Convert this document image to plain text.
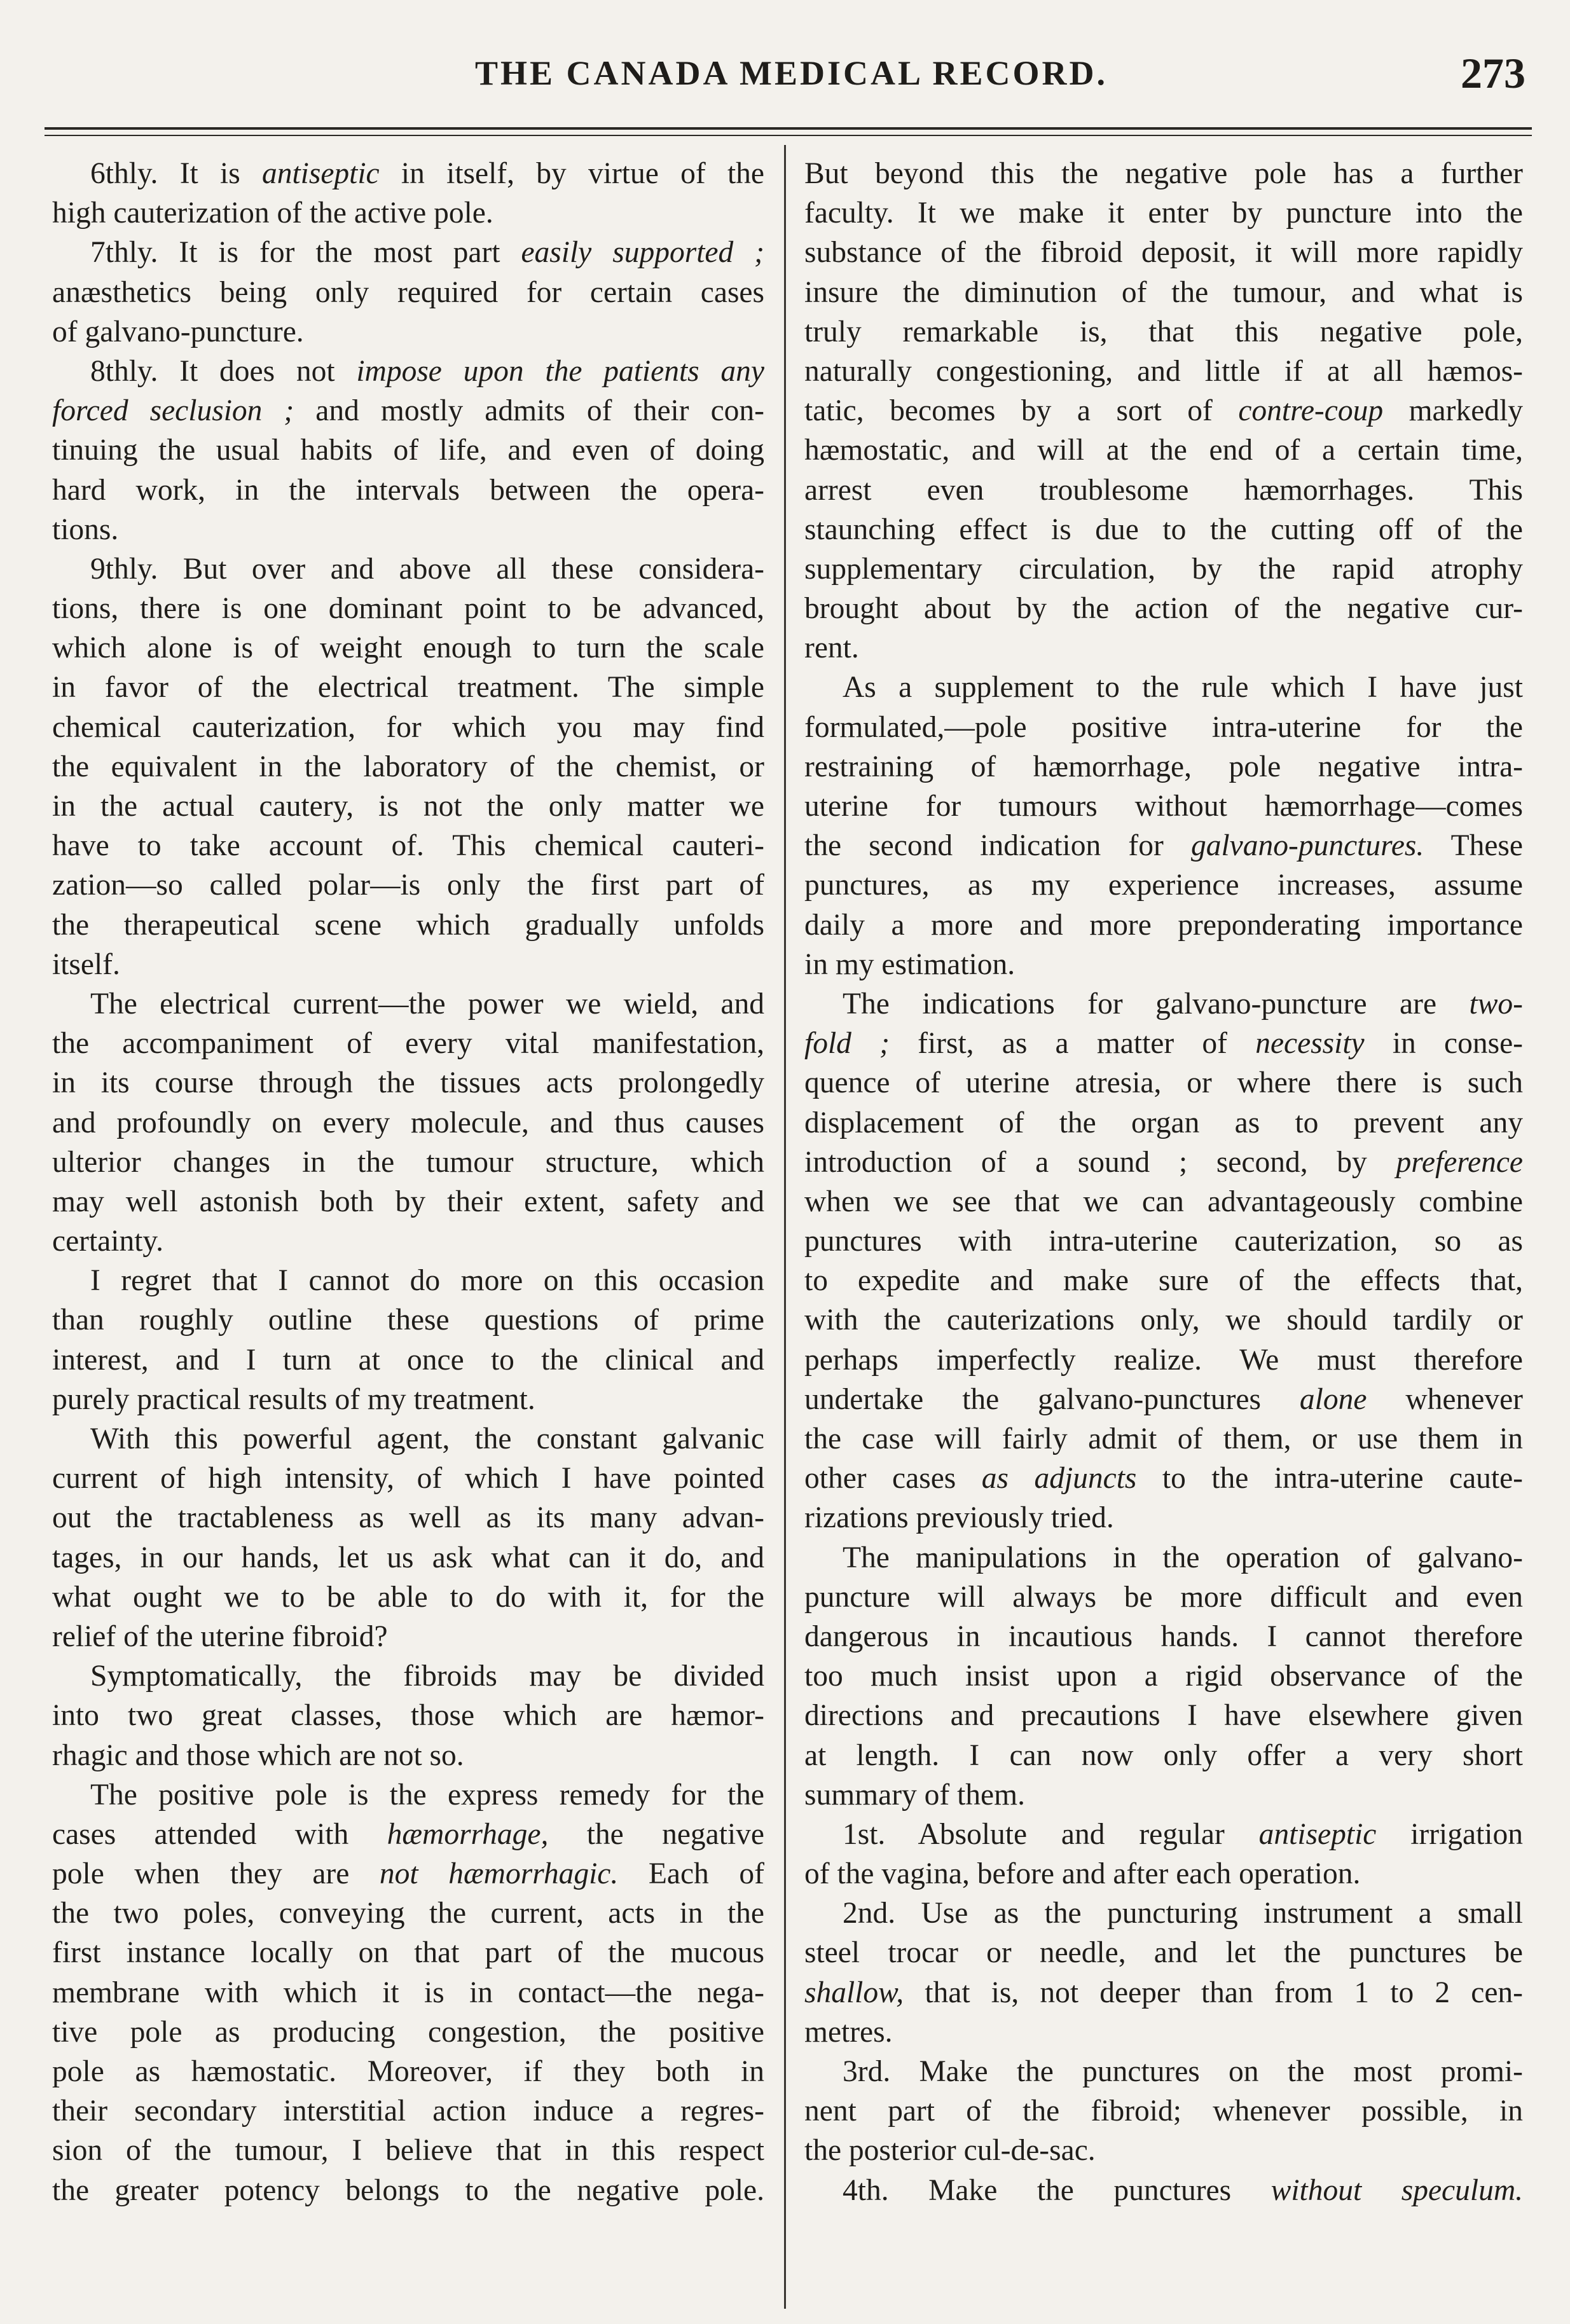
THE CANADA MEDICAL RECORD.	273
6thly. It is antiseptic in itself, by virtue of the
high cauterization of the active pole.
7thly. It is for the most part easily supported ;
anæsthetics being only required for certain cases
of galvano-puncture.
8thly. It does not impose upon the patients any
forced seclusion ; and mostly admits of their con-
tinuing the usual habits of life, and even of doing
hard work, in the intervals between the opera-
tions.
9thly. But over and above all these considera-
tions, there is one dominant point to be advanced,
which alone is of weight enough to turn the scale
in favor of the electrical treatment. The simple
chemical cauterization, for which you may find
the equivalent in the laboratory of the chemist, or
in the actual cautery, is not the only matter we
have to take account of. This chemical cauteri-
zation—so called polar—is only the first part of
the therapeutical scene which gradually unfolds
itself.
The electrical current—the power we wield, and
the accompaniment of every vital manifestation,
in its course through the tissues acts prolongedly
and profoundly on every molecule, and thus causes
ulterior changes in the tumour structure, which
may well astonish both by their extent, safety and
certainty.
I regret that I cannot do more on this occasion
than roughly outline these questions of prime
interest, and I turn at once to the clinical and
purely practical results of my treatment.
With this powerful agent, the constant galvanic
current of high intensity, of which I have pointed
out the tractableness as well as its many advan-
tages, in our hands, let us ask what can it do, and
what ought we to be able to do with it, for the
relief of the uterine fibroid?
Symptomatically, the fibroids may be divided
into two great classes, those which are hæmor-
rhagic and those which are not so.
The positive pole is the express remedy for the
cases attended with hæmorrhage, the negative
pole when they are not hæmorrhagic. Each of
the two poles, conveying the current, acts in the
first instance locally on that part of the mucous
membrane with which it is in contact—the nega-
tive pole as producing congestion, the positive
pole as hæmostatic. Moreover, if they both in
their secondary interstitial action induce a regres-
sion of the tumour, I believe that in this respect
the greater potency belongs to the negative pole.
But beyond this the negative pole has a further
faculty. It we make it enter by puncture into the
substance of the fibroid deposit, it will more rapidly
insure the diminution of the tumour, and what is
truly remarkable is, that this negative pole,
naturally congestioning, and little if at all hæmos-
tatic, becomes by a sort of contre-coup markedly
hæmostatic, and will at the end of a certain time,
arrest even troublesome hæmorrhages. This
staunching effect is due to the cutting off of the
supplementary circulation, by the rapid atrophy
brought about by the action of the negative cur-
rent.
As a supplement to the rule which I have just
formulated,—pole positive intra-uterine for the
restraining of hæmorrhage, pole negative intra-
uterine for tumours without hæmorrhage—comes
the second indication for galvano-punctures. These
punctures, as my experience increases, assume
daily a more and more preponderating importance
in my estimation.
The indications for galvano-puncture are two-
fold ; first, as a matter of necessity in conse-
quence of uterine atresia, or where there is such
displacement of the organ as to prevent any
introduction of a sound ; second, by preference
when we see that we can advantageously combine
punctures with intra-uterine cauterization, so as
to expedite and make sure of the effects that,
with the cauterizations only, we should tardily or
perhaps imperfectly realize. We must therefore
undertake the galvano-punctures alone whenever
the case will fairly admit of them, or use them in
other cases as adjuncts to the intra-uterine caute-
rizations previously tried.
The manipulations in the operation of galvano-
puncture will always be more difficult and even
dangerous in incautious hands. I cannot therefore
too much insist upon a rigid observance of the
directions and precautions I have elsewhere given
at length. I can now only offer a very short
summary of them.
1st. Absolute and regular antiseptic irrigation
of the vagina, before and after each operation.
2nd. Use as the puncturing instrument a small
steel trocar or needle, and let the punctures be
shallow, that is, not deeper than from 1 to 2 cen-
metres.
3rd. Make the punctures on the most promi-
nent part of the fibroid; whenever possible, in
the posterior cul-de-sac.
4th. Make the punctures without speculum.
